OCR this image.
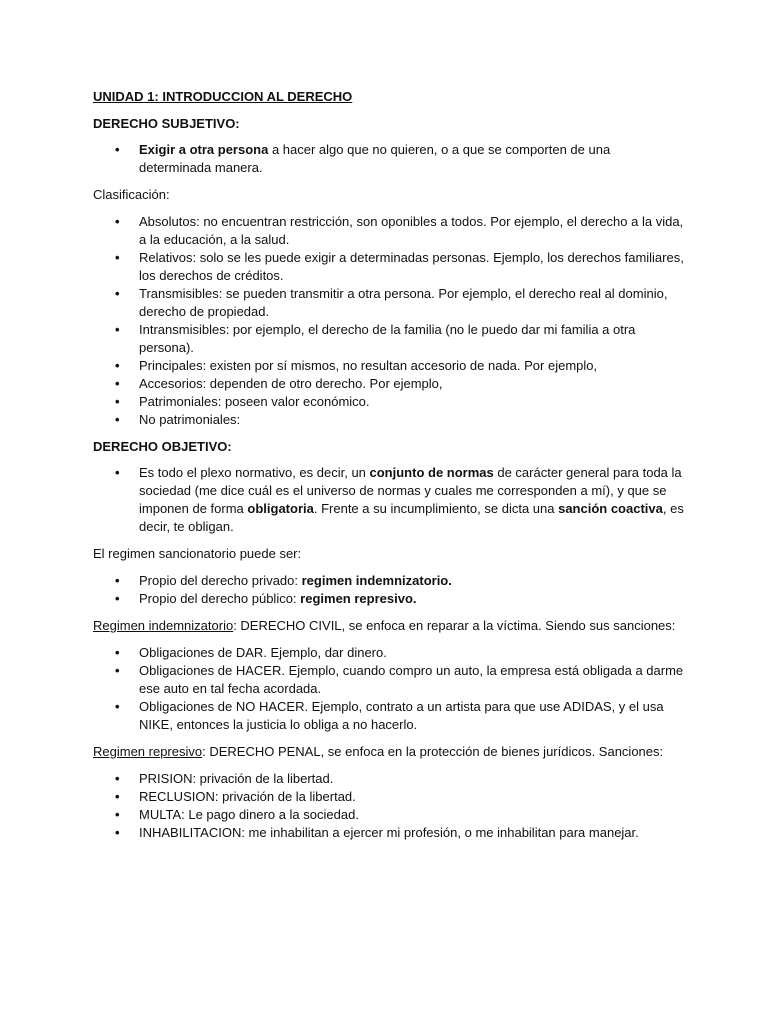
UNIDAD 1: INTRODUCCION AL DERECHO

DERECHO SUBJETIVO:

• Exigir a otra persona a hacer algo que no quieren, o a que se comporten de una determinada manera.

Clasificación:

• Absolutos: no encuentran restricción, son oponibles a todos. Por ejemplo, el derecho a la vida, a la educación, a la salud.
• Relativos: solo se les puede exigir a determinadas personas. Ejemplo, los derechos familiares, los derechos de créditos.
• Transmisibles: se pueden transmitir a otra persona. Por ejemplo, el derecho real al dominio, derecho de propiedad.
• Intransmisibles: por ejemplo, el derecho de la familia (no le puedo dar mi familia a otra persona).
• Principales: existen por sí mismos, no resultan accesorio de nada. Por ejemplo,
• Accesorios: dependen de otro derecho. Por ejemplo,
• Patrimoniales: poseen valor económico.
• No patrimoniales:

DERECHO OBJETIVO:

• Es todo el plexo normativo, es decir, un conjunto de normas de carácter general para toda la sociedad (me dice cuál es el universo de normas y cuales me corresponden a mí), y que se imponen de forma obligatoria. Frente a su incumplimiento, se dicta una sanción coactiva, es decir, te obligan.

El regimen sancionatorio puede ser:

• Propio del derecho privado: regimen indemnizatorio.
• Propio del derecho público: regimen represivo.

Regimen indemnizatorio: DERECHO CIVIL, se enfoca en reparar a la víctima. Siendo sus sanciones:

• Obligaciones de DAR. Ejemplo, dar dinero.
• Obligaciones de HACER. Ejemplo, cuando compro un auto, la empresa está obligada a darme ese auto en tal fecha acordada.
• Obligaciones de NO HACER. Ejemplo, contrato a un artista para que use ADIDAS, y el usa NIKE, entonces la justicia lo obliga a no hacerlo.

Regimen represivo: DERECHO PENAL, se enfoca en la protección de bienes jurídicos. Sanciones:

• PRISION: privación de la libertad.
• RECLUSION: privación de la libertad.
• MULTA: Le pago dinero a la sociedad.
• INHABILITACION: me inhabilitan a ejercer mi profesión, o me inhabilitan para manejar.
